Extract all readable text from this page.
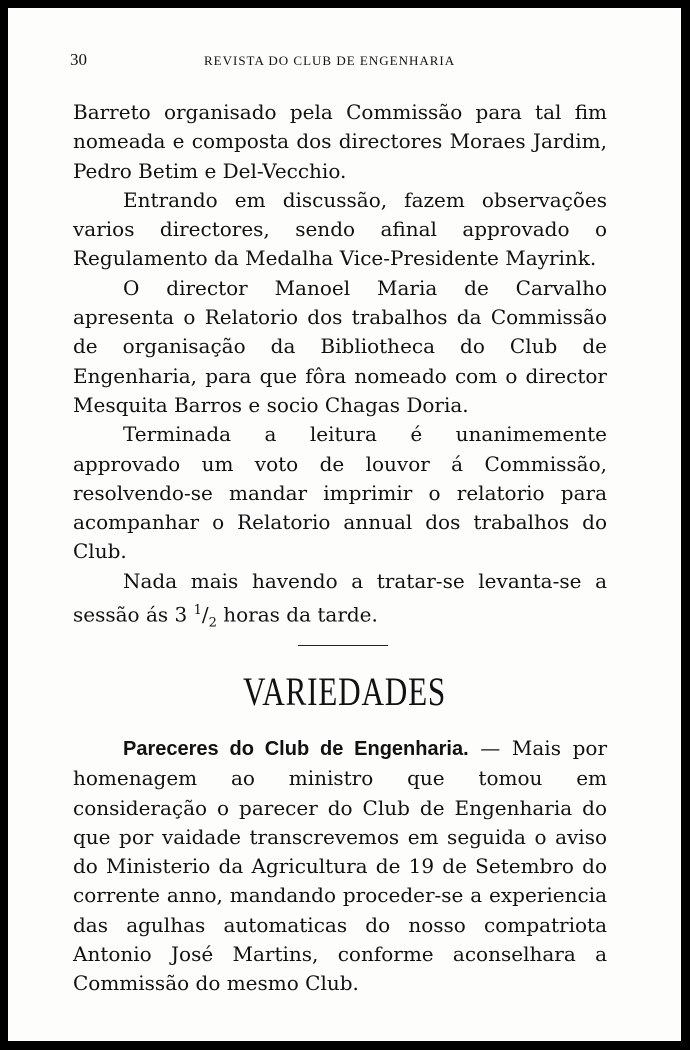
30	REVISTA DO CLUB DE ENGENHARIA

Barreto organisado pela Commissão para tal fim nomeada e composta dos directores Moraes Jardim, Pedro Betim e Del-Vecchio.

Entrando em discussão, fazem observações varios directores, sendo afinal approvado o Regulamento da Medalha Vice-Presidente Mayrink.

O director Manoel Maria de Carvalho apresenta o Relatorio dos trabalhos da Commissão de organisação da Bibliotheca do Club de Engenharia, para que fôra nomeado com o director Mesquita Barros e socio Chagas Doria.

Terminada a leitura é unanimemente approvado um voto de louvor á Commissão, resolvendo-se mandar imprimir o relatorio para acompanhar o Relatorio annual dos trabalhos do Club.

Nada mais havendo a tratar-se levanta-se a sessão ás 3 $^1/_2$ horas da tarde.

VARIEDADES

Pareceres do Club de Engenharia. — Mais por homenagem ao ministro que tomou em consideração o parecer do Club de Engenharia do que por vaidade transcrevemos em seguida o aviso do Ministerio da Agricultura de 19 de Setembro do corrente anno, mandando proceder-se a experiencia das agulhas automaticas do nosso compatriota Antonio José Martins, conforme aconselhara a Commissão do mesmo Club.
